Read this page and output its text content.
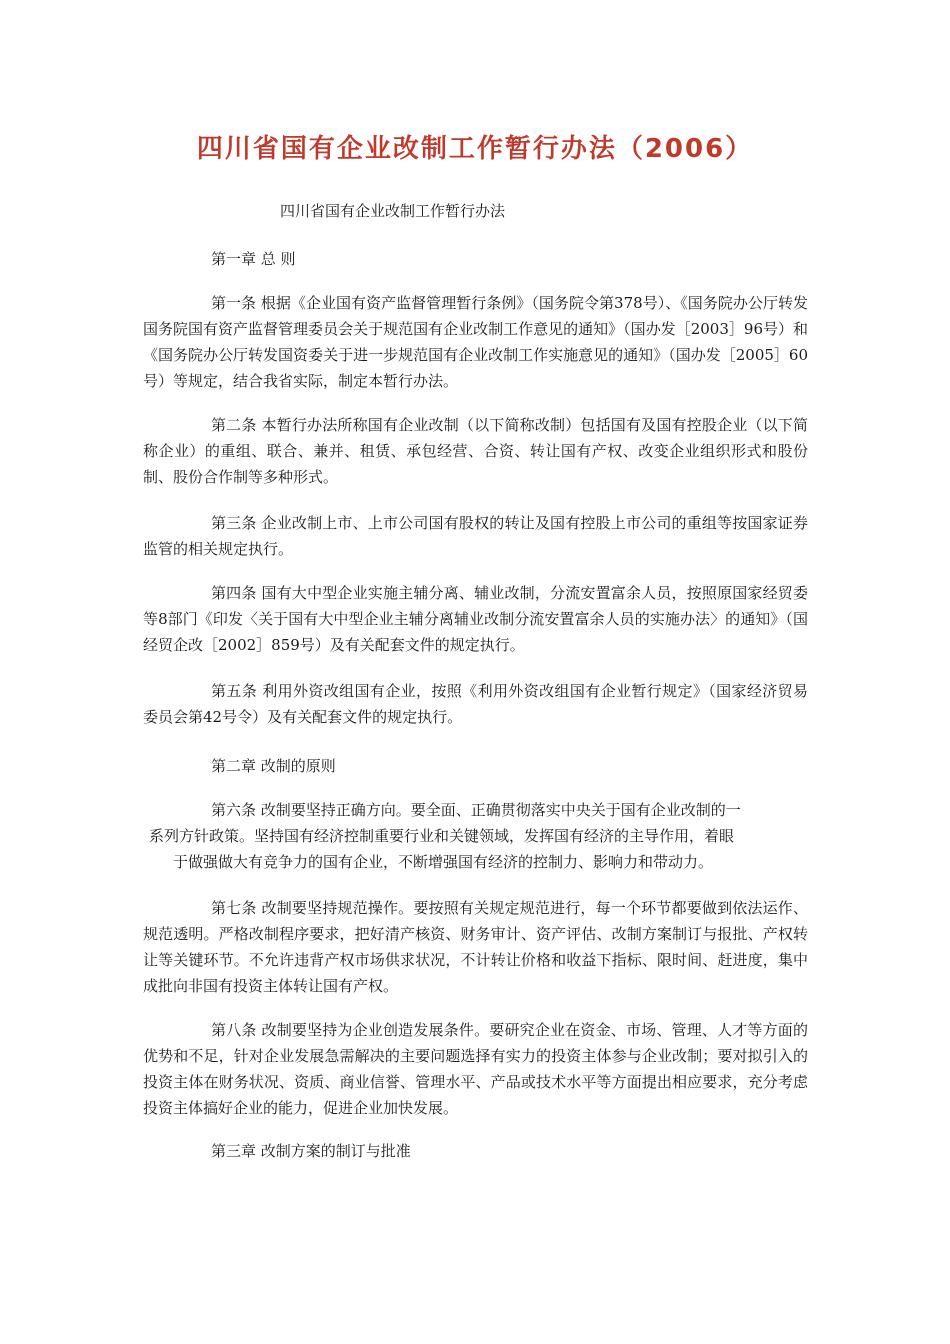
四川省国有企业改制工作暂行办法（2006）

四川省国有企业改制工作暂行办法

第一章 总 则

第一条 根据《企业国有资产监督管理暂行条例》（国务院令第378号）、《国务院办公厅转发国务院国有资产监督管理委员会关于规范国有企业改制工作意见的通知》（国办发［2003］96号）和《国务院办公厅转发国资委关于进一步规范国有企业改制工作实施意见的通知》（国办发［2005］60号）等规定，结合我省实际，制定本暂行办法。

第二条 本暂行办法所称国有企业改制（以下简称改制）包括国有及国有控股企业（以下简称企业）的重组、联合、兼并、租赁、承包经营、合资、转让国有产权、改变企业组织形式和股份制、股份合作制等多种形式。

第三条 企业改制上市、上市公司国有股权的转让及国有控股上市公司的重组等按国家证券监管的相关规定执行。

第四条 国有大中型企业实施主辅分离、辅业改制，分流安置富余人员，按照原国家经贸委等8部门《印发〈关于国有大中型企业主辅分离辅业改制分流安置富余人员的实施办法〉的通知》（国经贸企改［2002］859号）及有关配套文件的规定执行。

第五条 利用外资改组国有企业，按照《利用外资改组国有企业暂行规定》（国家经济贸易委员会第42号令）及有关配套文件的规定执行。

第二章 改制的原则

第六条 改制要坚持正确方向。要全面、正确贯彻落实中央关于国有企业改制的一
系列方针政策。坚持国有经济控制重要行业和关键领域，发挥国有经济的主导作用，着眼
于做强做大有竞争力的国有企业，不断增强国有经济的控制力、影响力和带动力。

第七条 改制要坚持规范操作。要按照有关规定规范进行，每一个环节都要做到依法运作、规范透明。严格改制程序要求，把好清产核资、财务审计、资产评估、改制方案制订与报批、产权转让等关键环节。不允许违背产权市场供求状况，不计转让价格和收益下指标、限时间、赶进度，集中成批向非国有投资主体转让国有产权。

第八条 改制要坚持为企业创造发展条件。要研究企业在资金、市场、管理、人才等方面的优势和不足，针对企业发展急需解决的主要问题选择有实力的投资主体参与企业改制；要对拟引入的投资主体在财务状况、资质、商业信誉、管理水平、产品或技术水平等方面提出相应要求，充分考虑投资主体搞好企业的能力，促进企业加快发展。

第三章 改制方案的制订与批准
